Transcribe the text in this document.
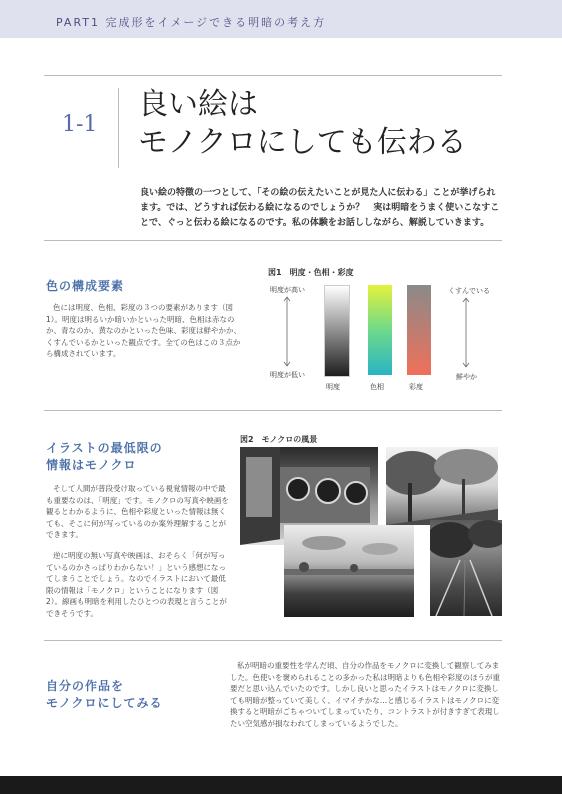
PART1 完成形をイメージできる明暗の考え方
1-1
良い絵は
モノクロにしても伝わる
良い絵の特徴の一つとして、「その絵の伝えたいことが見た人に伝わる」ことが挙げられます。では、どうすれば伝わる絵になるのでしょうか？　実は明暗をうまく使いこなすことで、ぐっと伝わる絵になるのです。私の体験をお話ししながら、解説していきます。
色の構成要素
色には明度、色相、彩度の３つの要素があります（図1）。明度は明るいか暗いかといった明暗、色相は赤なのか、青なのか、黄なのかといった色味、彩度は鮮やかか、くすんでいるかといった観点です。全ての色はこの３点から構成されています。
図1　明度・色相・彩度
明度が高い
明度が低い
明度	色相	彩度
くすんでいる
鮮やか
イラストの最低限の
情報はモノクロ
そして人間が普段受け取っている視覚情報の中で最も重要なのは、「明度」です。モノクロの写真や映画を観るとわかるように、色相や彩度といった情報は無くても、そこに何が写っているのか案外理解することができます。
逆に明度の無い写真や映画は、おそらく「何が写っているのかさっぱりわからない！」という感想になってしまうことでしょう。なのでイラストにおいて最低限の情報は「モノクロ」ということになります（図2）。線画も明暗を利用したひとつの表現と言うことができそうです。
図2　モノクロの風景
自分の作品を
モノクロにしてみる
私が明暗の重要性を学んだ頃、自分の作品をモノクロに変換して観察してみました。色使いを褒められることの多かった私は明暗よりも色相や彩度のほうが重要だと思い込んでいたのです。しかし良いと思ったイラストはモノクロに変換しても明暗が整っていて美しく、イマイチかな…と感じるイラストはモノクロに変換すると明暗がごちゃついてしまっていたり、コントラストが付きすぎて表現したい空気感が損なわれてしまっているようでした。
